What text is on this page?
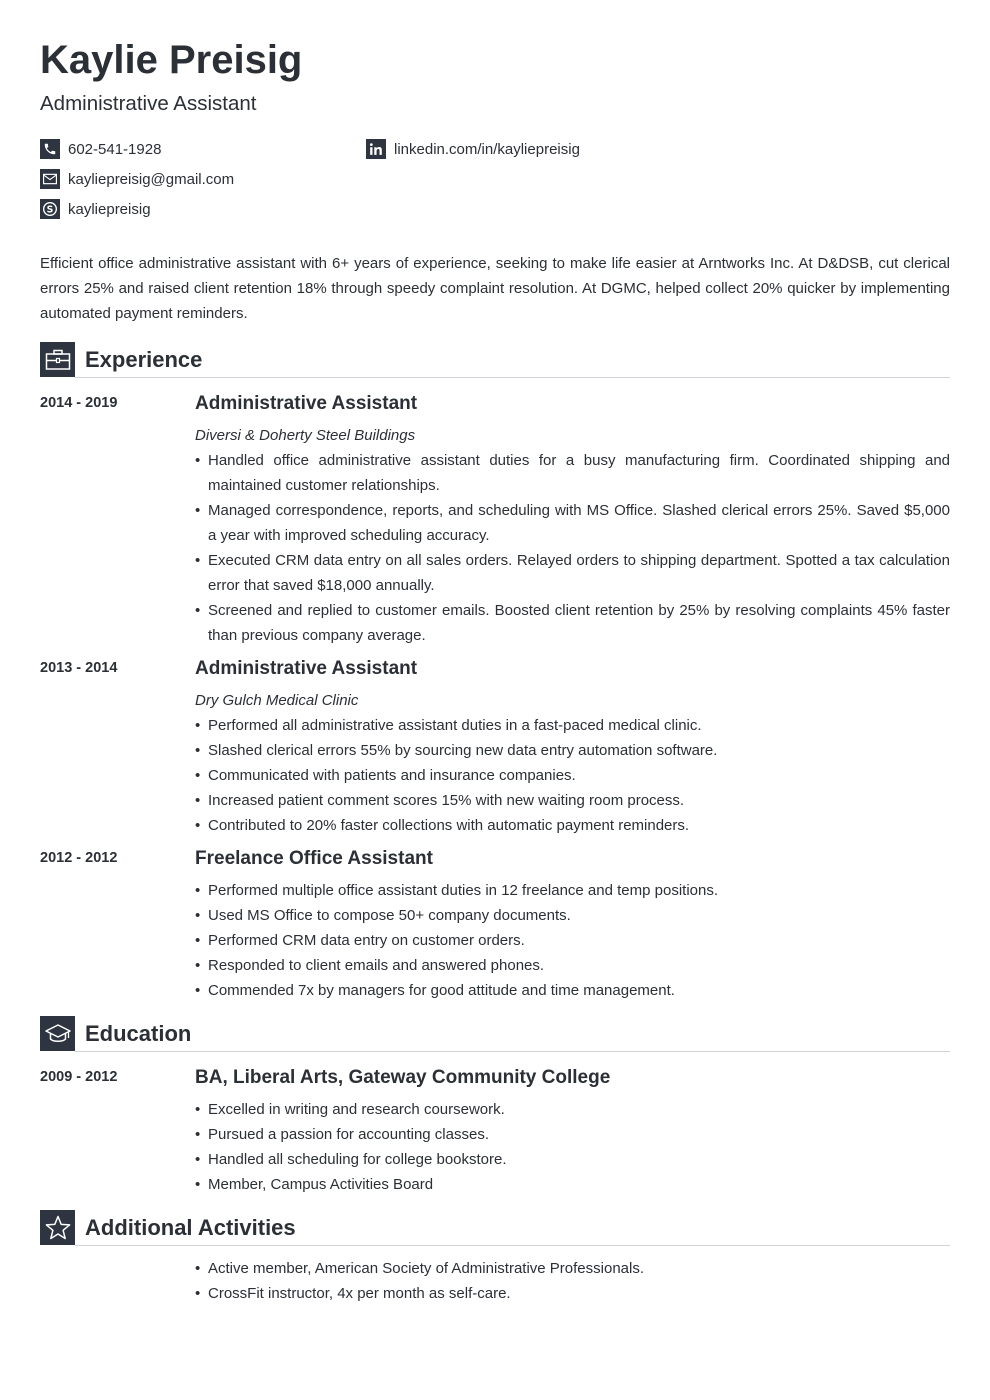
Kaylie Preisig
Administrative Assistant
602-541-1928
kayliepreisig@gmail.com
S kayliepreisig
linkedin.com/in/kayliepreisig
Efficient office administrative assistant with 6+ years of experience, seeking to make life easier at Arntworks Inc. At D&DSB, cut clerical errors 25% and raised client retention 18% through speedy complaint resolution. At DGMC, helped collect 20% quicker by implementing automated payment reminders.
Experience
2014 - 2019	Administrative Assistant
Diversi & Doherty Steel Buildings
• Handled office administrative assistant duties for a busy manufacturing firm. Coordinated shipping and maintained customer relationships.
• Managed correspondence, reports, and scheduling with MS Office. Slashed clerical errors 25%. Saved $5,000 a year with improved scheduling accuracy.
• Executed CRM data entry on all sales orders. Relayed orders to shipping department. Spotted a tax calculation error that saved $18,000 annually.
• Screened and replied to customer emails. Boosted client retention by 25% by resolving complaints 45% faster than previous company average.
2013 - 2014	Administrative Assistant
Dry Gulch Medical Clinic
• Performed all administrative assistant duties in a fast-paced medical clinic.
• Slashed clerical errors 55% by sourcing new data entry automation software.
• Communicated with patients and insurance companies.
• Increased patient comment scores 15% with new waiting room process.
• Contributed to 20% faster collections with automatic payment reminders.
2012 - 2012	Freelance Office Assistant
• Performed multiple office assistant duties in 12 freelance and temp positions.
• Used MS Office to compose 50+ company documents.
• Performed CRM data entry on customer orders.
• Responded to client emails and answered phones.
• Commended 7x by managers for good attitude and time management.
Education
2009 - 2012	BA, Liberal Arts, Gateway Community College
• Excelled in writing and research coursework.
• Pursued a passion for accounting classes.
• Handled all scheduling for college bookstore.
• Member, Campus Activities Board
Additional Activities
• Active member, American Society of Administrative Professionals.
• CrossFit instructor, 4x per month as self-care.
